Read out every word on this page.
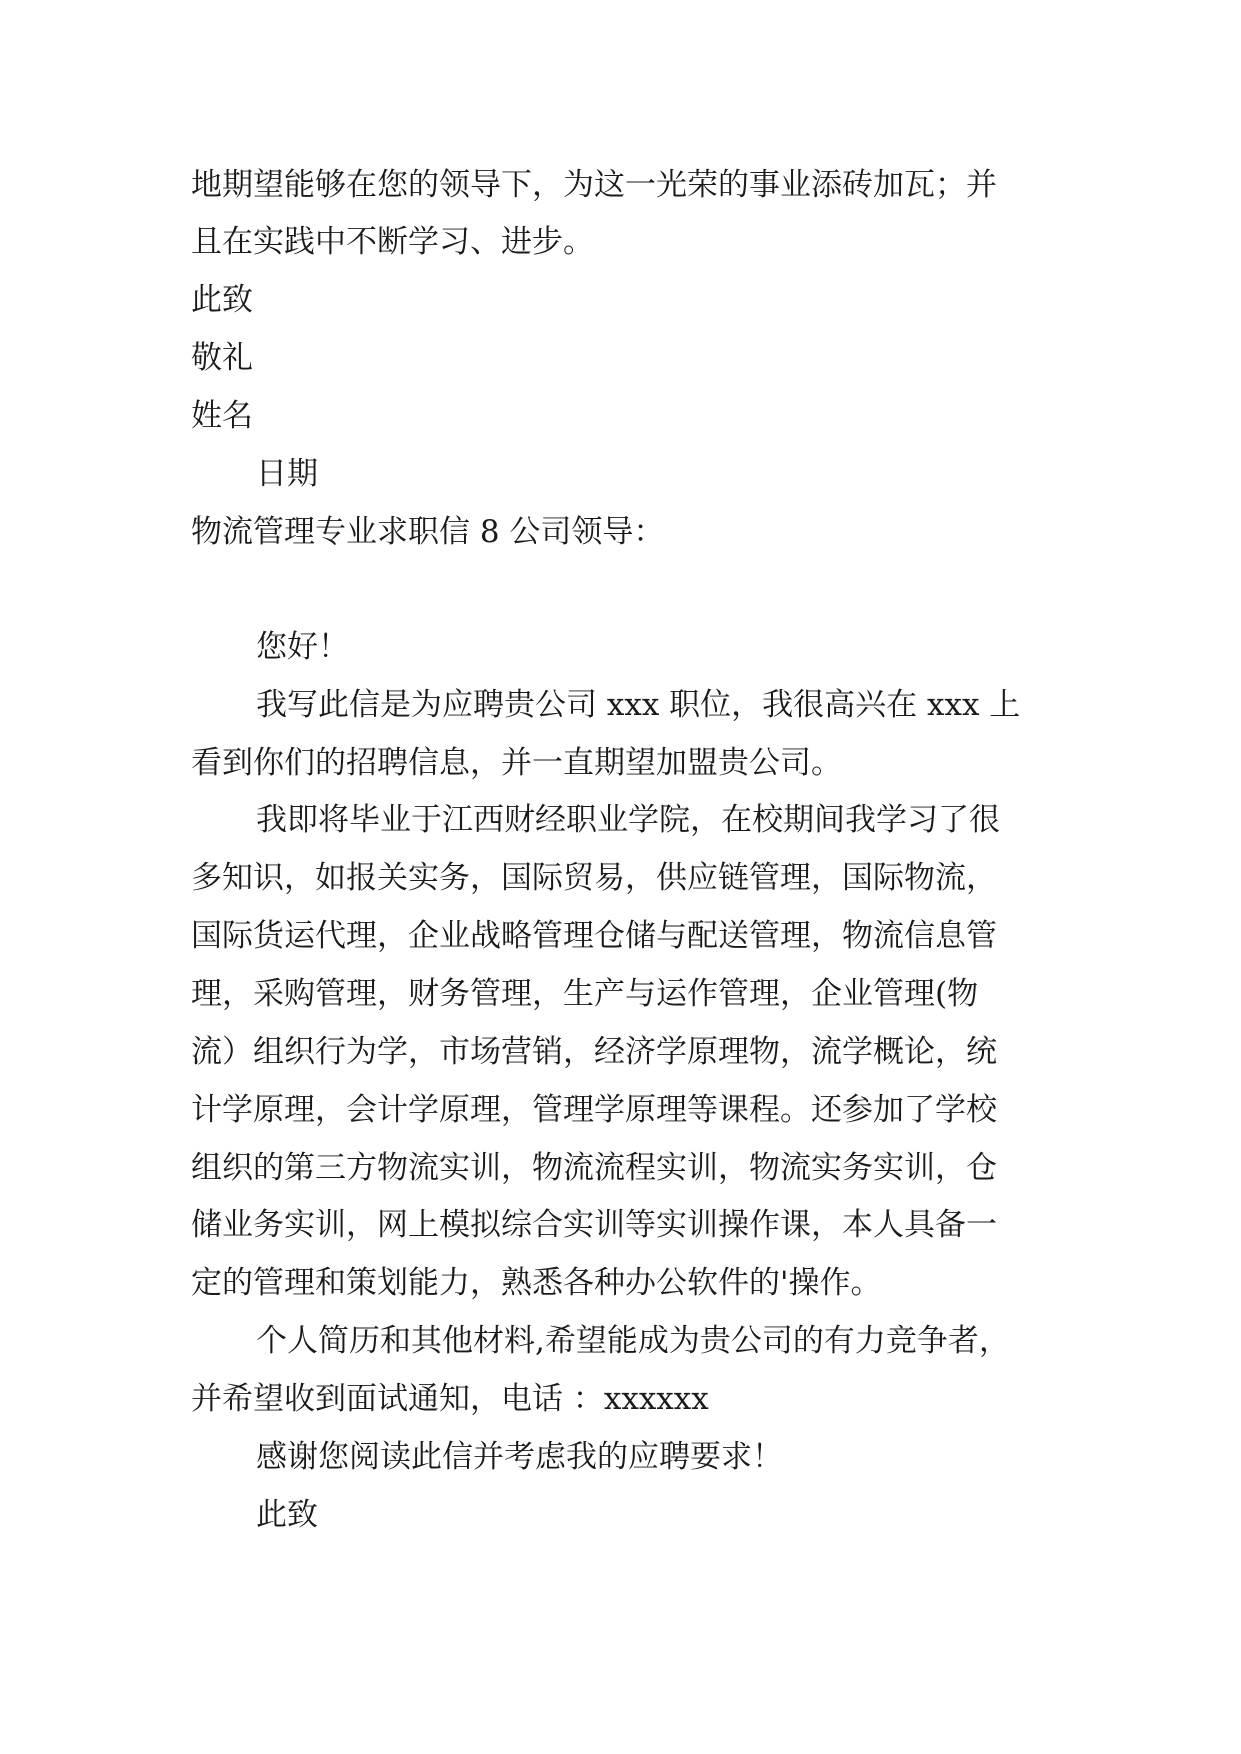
地期望能够在您的领导下，为这一光荣的事业添砖加瓦；并

且在实践中不断学习、进步。

此致

敬礼

姓名

日期

物流管理专业求职信 8 公司领导：

您好！

我写此信是为应聘贵公司 xxx 职位，我很高兴在 xxx 上

看到你们的招聘信息，并一直期望加盟贵公司。

我即将毕业于江西财经职业学院，在校期间我学习了很

多知识，如报关实务，国际贸易，供应链管理，国际物流，

国际货运代理，企业战略管理仓储与配送管理，物流信息管

理，采购管理，财务管理，生产与运作管理，企业管理(物

流）组织行为学，市场营销，经济学原理物，流学概论，统

计学原理，会计学原理，管理学原理等课程。还参加了学校

组织的第三方物流实训，物流流程实训，物流实务实训，仓

储业务实训，网上模拟综合实训等实训操作课，本人具备一

定的管理和策划能力，熟悉各种办公软件的'操作。

个人简历和其他材料,希望能成为贵公司的有力竞争者，

并希望收到面试通知，电话 ：xxxxxx

感谢您阅读此信并考虑我的应聘要求！

此致
